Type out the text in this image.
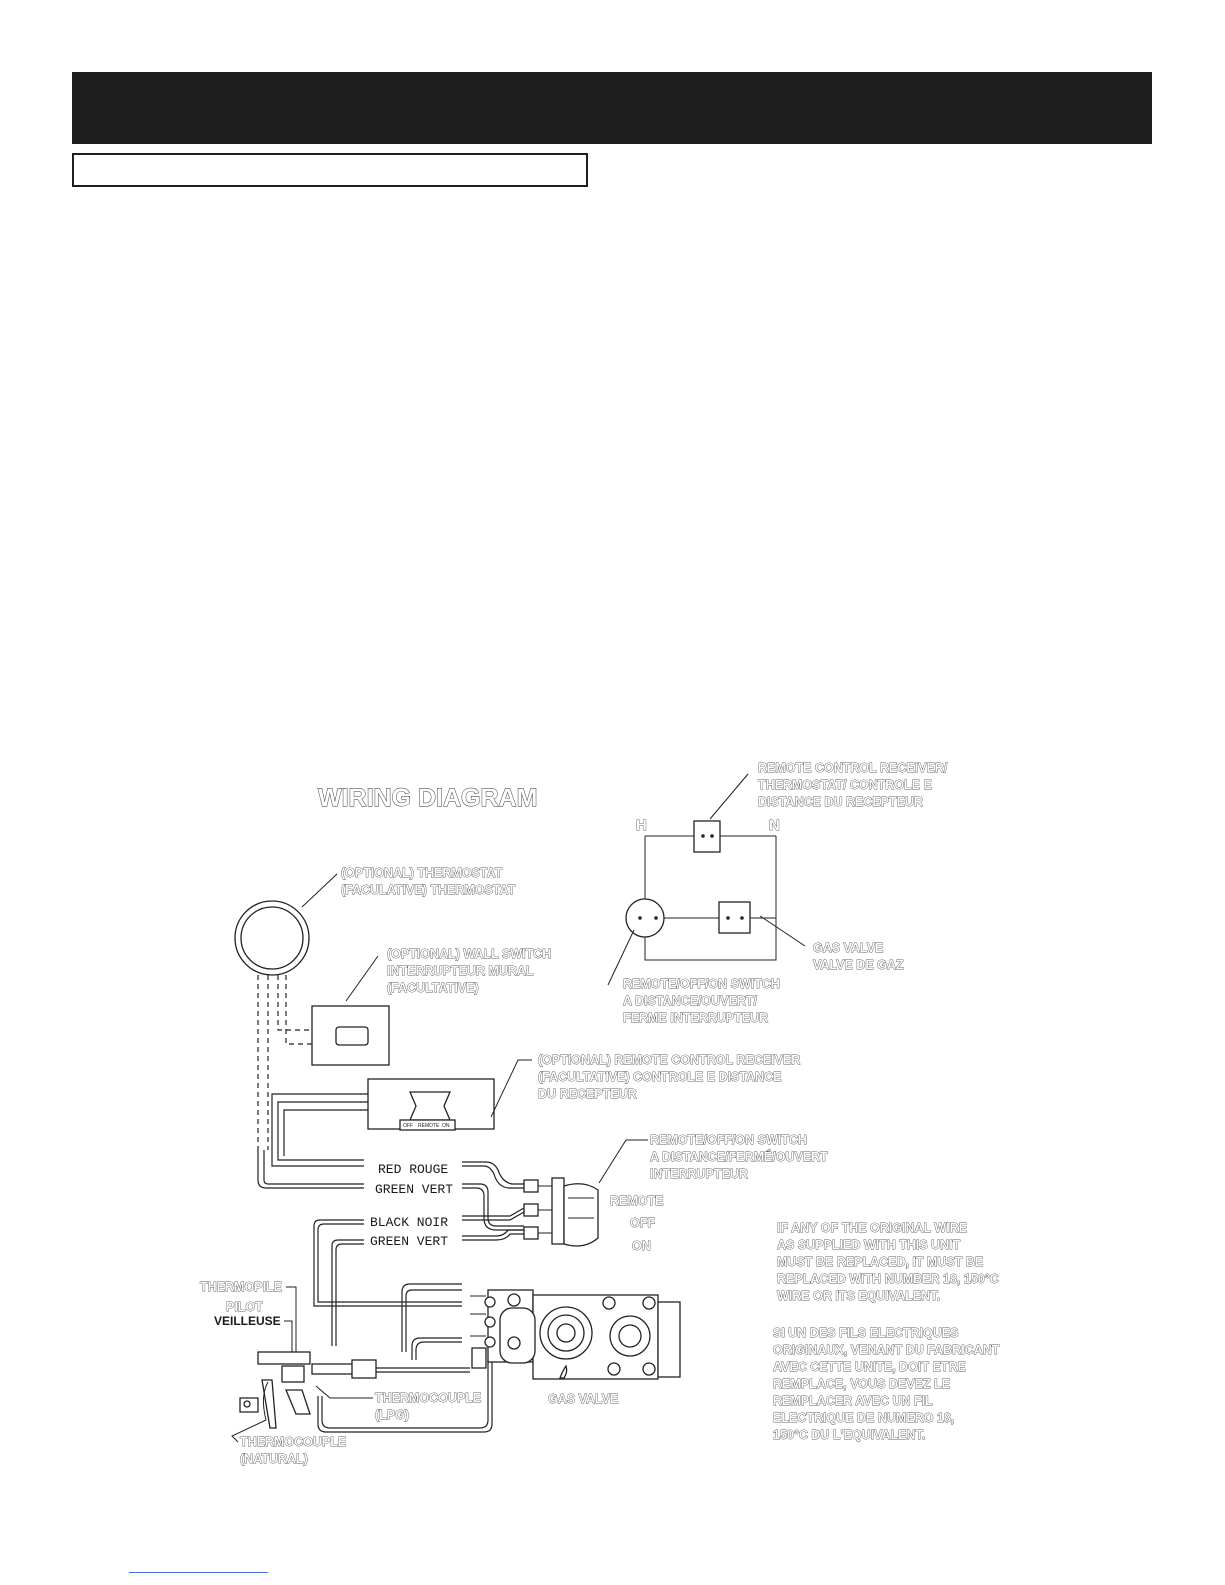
WIRING DIAGRAM
H	N
REMOTE CONTROL RECEIVER/
THERMOSTAT/ CONTROLE E
DISTANCE DU RECEPTEUR
GAS VALVE
VALVE DE GAZ
REMOTE/OFF/ON SWITCH
A DISTANCE/OUVERT/
FERME INTERRUPTEUR
(OPTIONAL) THERMOSTAT
(FACULATIVE) THERMOSTAT
(OPTIONAL) WALL SWITCH
INTERRUPTEUR MURAL
(FACULTATIVE)
OFF REMOTE ON
(OPTIONAL) REMOTE CONTROL RECEIVER
(FACULTATIVE) CONTROLE E DISTANCE
DU RECEPTEUR
RED ROUGE
GREEN VERT
BLACK NOIR
GREEN VERT
REMOTE/OFF/ON SWITCH
A DISTANCE/FERMÉ/OUVERT
INTERRUPTEUR
REMOTE
OFF
ON
GAS VALVE
THERMOPILE
PILOT
VEILLEUSE
THERMOCOUPLE
(LPG)
THERMOCOUPLE
(NATURAL)
IF ANY OF THE ORIGINAL WIRE
AS SUPPLIED WITH THIS UNIT
MUST BE REPLACED, IT MUST BE
REPLACED WITH NUMBER 18, 150°C
WIRE OR ITS EQUIVALENT.
SI UN DES FILS ELECTRIQUES
ORIGINAUX, VENANT DU FABRICANT
AVEC CETTE UNITE, DOIT ETRE
REMPLACE, VOUS DEVEZ LE
REMPLACER AVEC UN FIL
ELECTRIQUE DE NUMERO 18,
150°C DU L'EQUIVALENT.
